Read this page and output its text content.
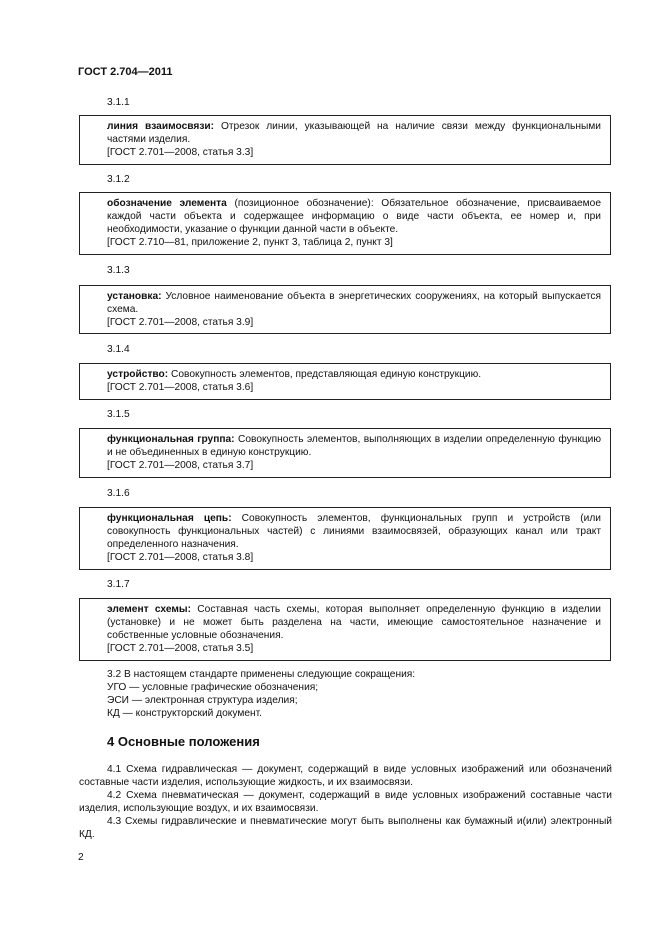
ГОСТ 2.704—2011
3.1.1

линия взаимосвязи: Отрезок линии, указывающей на наличие связи между функциональными частями изделия.

[ГОСТ 2.701—2008, статья 3.3]

3.1.2

обозначение элемента (позиционное обозначение): Обязательное обозначение, присваиваемое каждой части объекта и содержащее информацию о виде части объекта, ее номер и, при необходимости, указание о функции данной части в объекте.

[ГОСТ 2.710—81, приложение 2, пункт 3, таблица 2, пункт 3]

3.1.3

установка: Условное наименование объекта в энергетических сооружениях, на который выпускается схема.

[ГОСТ 2.701—2008, статья 3.9]

3.1.4

устройство: Совокупность элементов, представляющая единую конструкцию.

[ГОСТ 2.701—2008, статья 3.6]

3.1.5

функциональная группа: Совокупность элементов, выполняющих в изделии определенную функцию и не объединенных в единую конструкцию.

[ГОСТ 2.701—2008, статья 3.7]

3.1.6

функциональная цепь: Совокупность элементов, функциональных групп и устройств (или совокупность функциональных частей) с линиями взаимосвязей, образующих канал или тракт определенного назначения.

[ГОСТ 2.701—2008, статья 3.8]

3.1.7

элемент схемы: Составная часть схемы, которая выполняет определенную функцию в изделии (установке) и не может быть разделена на части, имеющие самостоятельное назначение и собственные условные обозначения.

[ГОСТ 2.701—2008, статья 3.5]

3.2 В настоящем стандарте применены следующие сокращения:
УГО — условные графические обозначения;
ЭСИ — электронная структура изделия;
КД — конструкторский документ.
4 Основные положения

4.1 Схема гидравлическая — документ, содержащий в виде условных изображений или обозначений составные части изделия, использующие жидкость, и их взаимосвязи.

4.2 Схема пневматическая — документ, содержащий в виде условных изображений составные части изделия, использующие воздух, и их взаимосвязи.

4.3 Схемы гидравлические и пневматические могут быть выполнены как бумажный и(или) электронный КД.

2
